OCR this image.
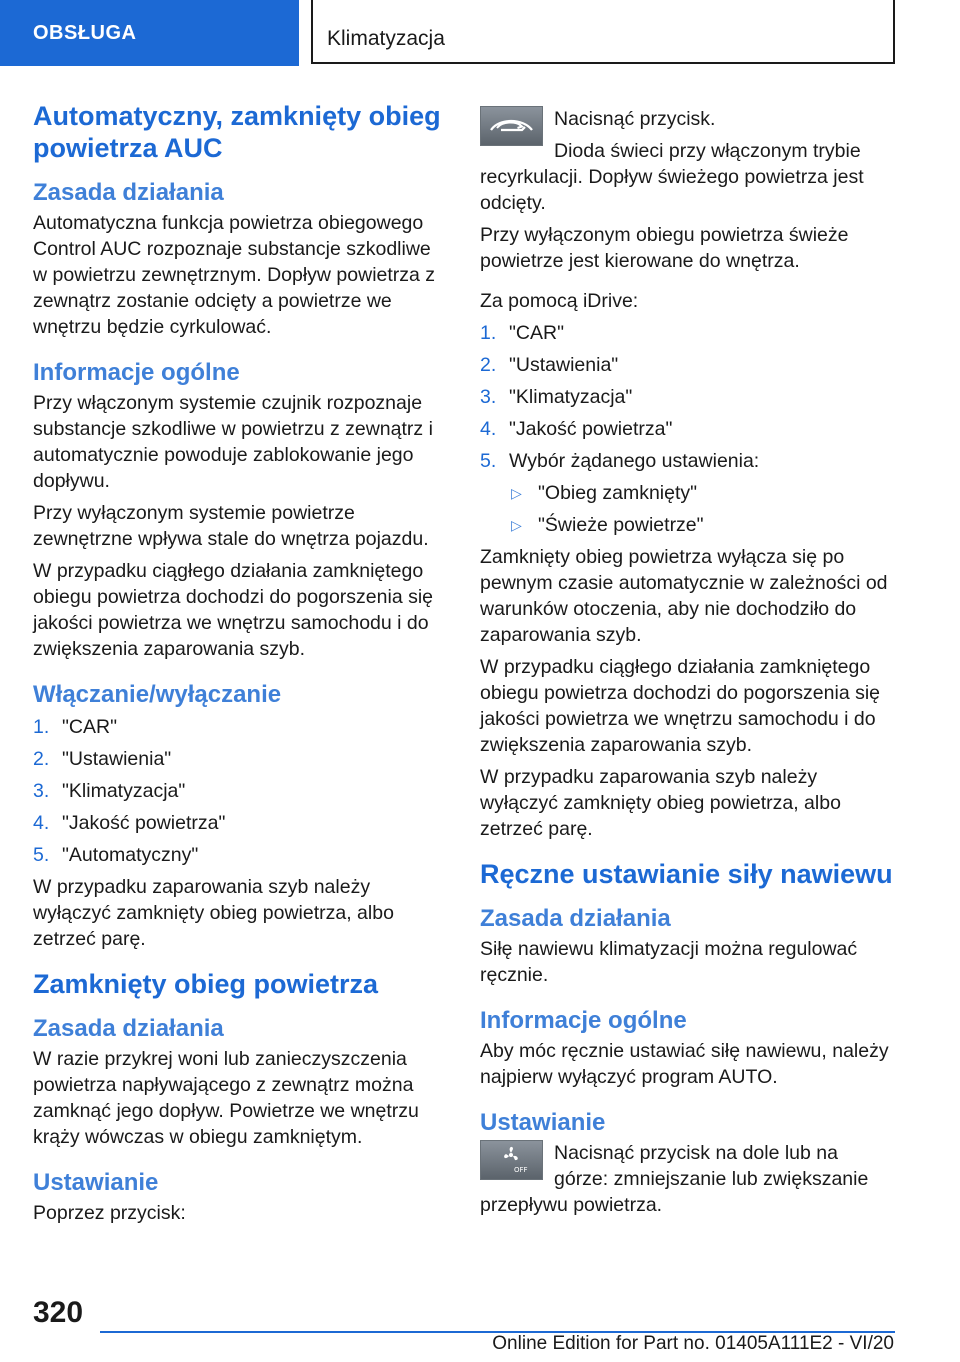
OBSŁUGA	Klimatyzacja
Automatyczny, zamknięty obieg powietrza AUC
Zasada działania

Automatyczna funkcja powietrza obiegowego Control AUC rozpoznaje substancje szkodliwe w powietrzu zewnętrznym. Dopływ powietrza z zewnątrz zostanie odcięty a powietrze we wnętrzu będzie cyrkulować.

Informacje ogólne

Przy włączonym systemie czujnik rozpoznaje substancje szkodliwe w powietrzu z zewnątrz i automatycznie powoduje zablokowanie jego dopływu.

Przy wyłączonym systemie powietrze zewnętrzne wpływa stale do wnętrza pojazdu.

W przypadku ciągłego działania zamkniętego obiegu powietrza dochodzi do pogorszenia się jakości powietrza we wnętrzu samochodu i do zwiększenia zaparowania szyb.

Włączanie/wyłączanie
1. "CAR"
2. "Ustawienia"
3. "Klimatyzacja"
4. "Jakość powietrza"
5. "Automatyczny"

W przypadku zaparowania szyb należy wyłączyć zamknięty obieg powietrza, albo zetrzeć parę.

Zamknięty obieg powietrza
Zasada działania

W razie przykrej woni lub zanieczyszczenia powietrza napływającego z zewnątrz można zamknąć jego dopływ. Powietrze we wnętrzu krąży wówczas w obiegu zamkniętym.

Ustawianie

Poprzez przycisk:

Nacisnąć przycisk.

Dioda świeci przy włączonym trybie recyrkulacji. Dopływ świeżego powietrza jest odcięty.

Przy wyłączonym obiegu powietrza świeże powietrze jest kierowane do wnętrza.

Za pomocą iDrive:

1. "CAR"
2. "Ustawienia"
3. "Klimatyzacja"
4. "Jakość powietrza"
5. Wybór żądanego ustawienia:
▷ "Obieg zamknięty"
▷ "Świeże powietrze"

Zamknięty obieg powietrza wyłącza się po pewnym czasie automatycznie w zależności od warunków otoczenia, aby nie dochodziło do zaparowania szyb.

W przypadku ciągłego działania zamkniętego obiegu powietrza dochodzi do pogorszenia się jakości powietrza we wnętrzu samochodu i do zwiększenia zaparowania szyb.

W przypadku zaparowania szyb należy wyłączyć zamknięty obieg powietrza, albo zetrzeć parę.

Ręczne ustawianie siły nawiewu
Zasada działania

Siłę nawiewu klimatyzacji można regulować ręcznie.

Informacje ogólne

Aby móc ręcznie ustawiać siłę nawiewu, należy najpierw wyłączyć program AUTO.

Ustawianie
OFF

Nacisnąć przycisk na dole lub na górze: zmniejszanie lub zwiększanie przepływu powietrza.

320
Online Edition for Part no. 01405A111E2 - VI/20
